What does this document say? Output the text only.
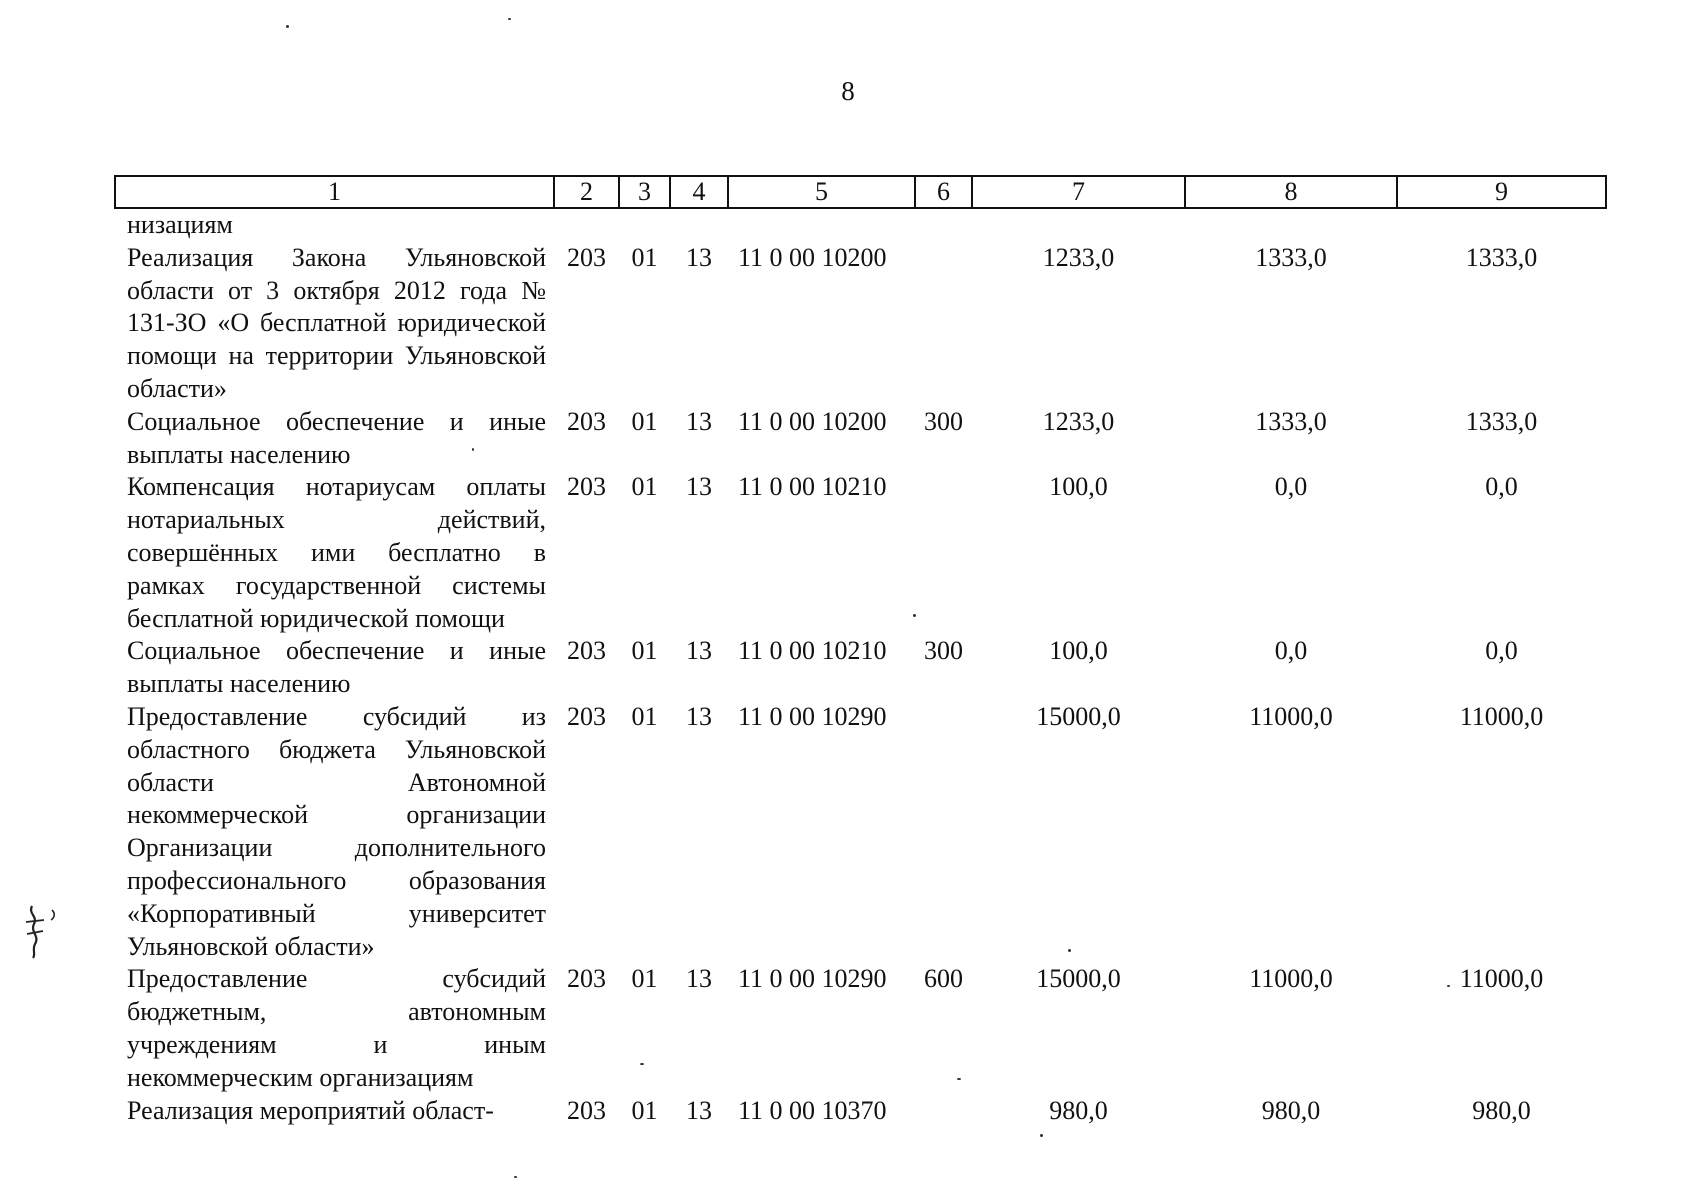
8
1	2	3	4	5	6	7	8	9
низациям								
Реализация Закона Ульяновской области от 3 октября 2012 года № 131-ЗО «О бесплатной юридической помощи на территории Ульяновской области»	203	01	13	11 0 00 10200		1233,0	1333,0	1333,0
Социальное обеспечение и иные выплаты населению	203	01	13	11 0 00 10200	300	1233,0	1333,0	1333,0
Компенсация нотариусам оплаты нотариальных действий, совершённых ими бесплатно в рамках государственной системы бесплатной юридической помощи	203	01	13	11 0 00 10210		100,0	0,0	0,0
Социальное обеспечение и иные выплаты населению	203	01	13	11 0 00 10210	300	100,0	0,0	0,0
Предоставление субсидий из областного бюджета Ульяновской области Автономной некоммерческой организации Организации дополнительного профессионального образования «Корпоративный университет Ульяновской области»	203	01	13	11 0 00 10290		15000,0	11000,0	11000,0
Предоставление субсидий бюджетным, автономным учреждениям и иным некоммерческим организациям	203	01	13	11 0 00 10290	600	15000,0	11000,0	11000,0
Реализация мероприятий област-	203	01	13	11 0 00 10370		980,0	980,0	980,0
